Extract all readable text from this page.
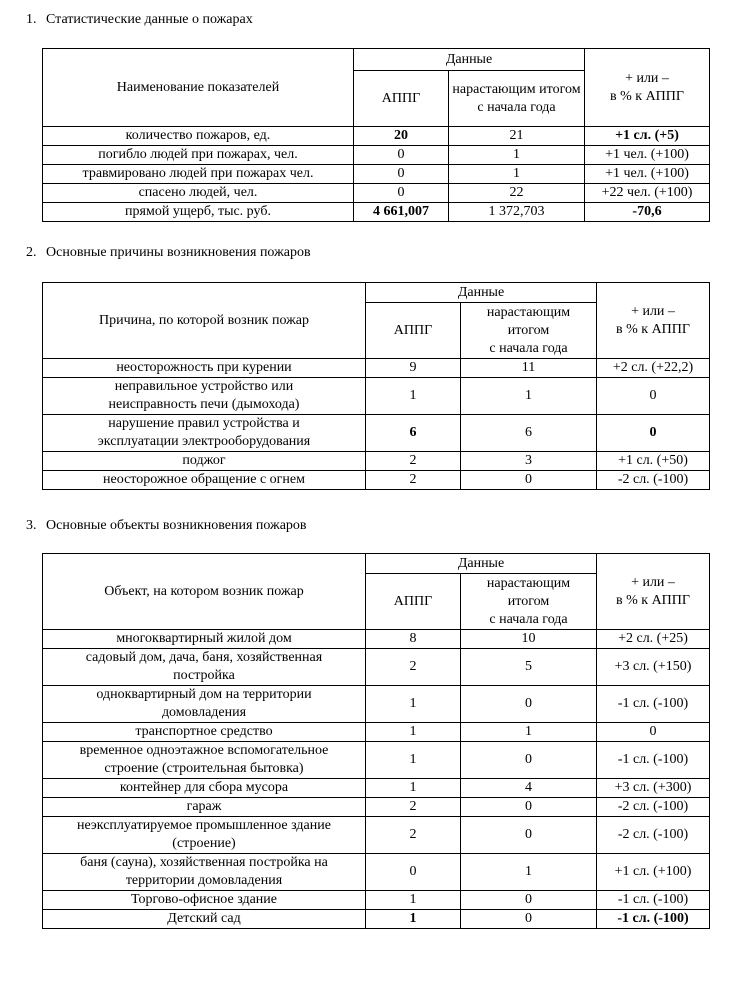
1. Статистические данные о пожарах
Наименование показателей	Данные		+ или –
в % к АППГ
	АППГ	нарастающим итогом с начала года	
количество пожаров, ед.	20	21	+1 сл. (+5)
погибло людей при пожарах, чел.	0	1	+1 чел. (+100)
травмировано людей при пожарах чел.	0	1	+1 чел. (+100)
спасено людей, чел.	0	22	+22 чел. (+100)
прямой ущерб, тыс. руб.	4 661,007	1 372,703	-70,6
2. Основные причины возникновения пожаров
Причина, по которой возник пожар	Данные		+ или –
в % к АППГ
	АППГ	нарастающим
итогом
с начала года	
неосторожность при курении	9	11	+2 сл. (+22,2)
неправильное устройство или
неисправность печи (дымохода)	1	1	0
нарушение правил устройства и
эксплуатации электрооборудования	6	6	0
поджог	2	3	+1 сл. (+50)
неосторожное обращение с огнем	2	0	-2 сл. (-100)
3. Основные объекты возникновения пожаров
Объект, на котором возник пожар	Данные		+ или –
в % к АППГ
	АППГ	нарастающим
итогом
с начала года	
многоквартирный жилой дом	8	10	+2 сл. (+25)
садовый дом, дача, баня, хозяйственная
постройка	2	5	+3 сл. (+150)
одноквартирный дом на территории
домовладения	1	0	-1 сл. (-100)
транспортное средство	1	1	0
временное одноэтажное вспомогательное
строение (строительная бытовка)	1	0	-1 сл. (-100)
контейнер для сбора мусора	1	4	+3 сл. (+300)
гараж	2	0	-2 сл. (-100)
неэксплуатируемое промышленное здание
(строение)	2	0	-2 сл. (-100)
баня (сауна), хозяйственная постройка на
территории домовладения	0	1	+1 сл. (+100)
Торгово-офисное здание	1	0	-1 сл. (-100)
Детский сад	1	0	-1 сл. (-100)
